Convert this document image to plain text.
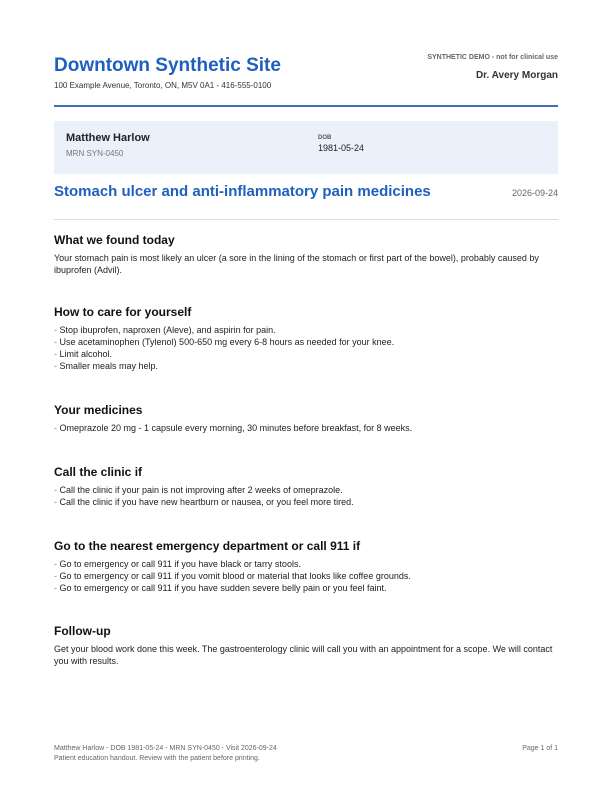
Downtown Synthetic Site
100 Example Avenue, Toronto, ON, M5V 0A1 - 416-555-0100
SYNTHETIC DEMO - not for clinical use
Dr. Avery Morgan
Matthew Harlow
MRN SYN-0450
DOB
1981-05-24
Stomach ulcer and anti-inflammatory pain medicines	2026-09-24
What we found today

Your stomach pain is most likely an ulcer (a sore in the lining of the stomach or first part of the bowel), probably caused by ibuprofen (Advil).

How to care for yourself
- Stop ibuprofen, naproxen (Aleve), and aspirin for pain.
- Use acetaminophen (Tylenol) 500-650 mg every 6-8 hours as needed for your knee.
- Limit alcohol.
- Smaller meals may help.
Your medicines
- Omeprazole 20 mg - 1 capsule every morning, 30 minutes before breakfast, for 8 weeks.
Call the clinic if
- Call the clinic if your pain is not improving after 2 weeks of omeprazole.
- Call the clinic if you have new heartburn or nausea, or you feel more tired.
Go to the nearest emergency department or call 911 if
- Go to emergency or call 911 if you have black or tarry stools.
- Go to emergency or call 911 if you vomit blood or material that looks like coffee grounds.
- Go to emergency or call 911 if you have sudden severe belly pain or you feel faint.
Follow-up

Get your blood work done this week. The gastroenterology clinic will call you with an appointment for a scope. We will contact you with results.

Matthew Harlow - DOB 1981-05-24 - MRN SYN-0450 - Visit 2026-09-24
Patient education handout. Review with the patient before printing.
Page 1 of 1
